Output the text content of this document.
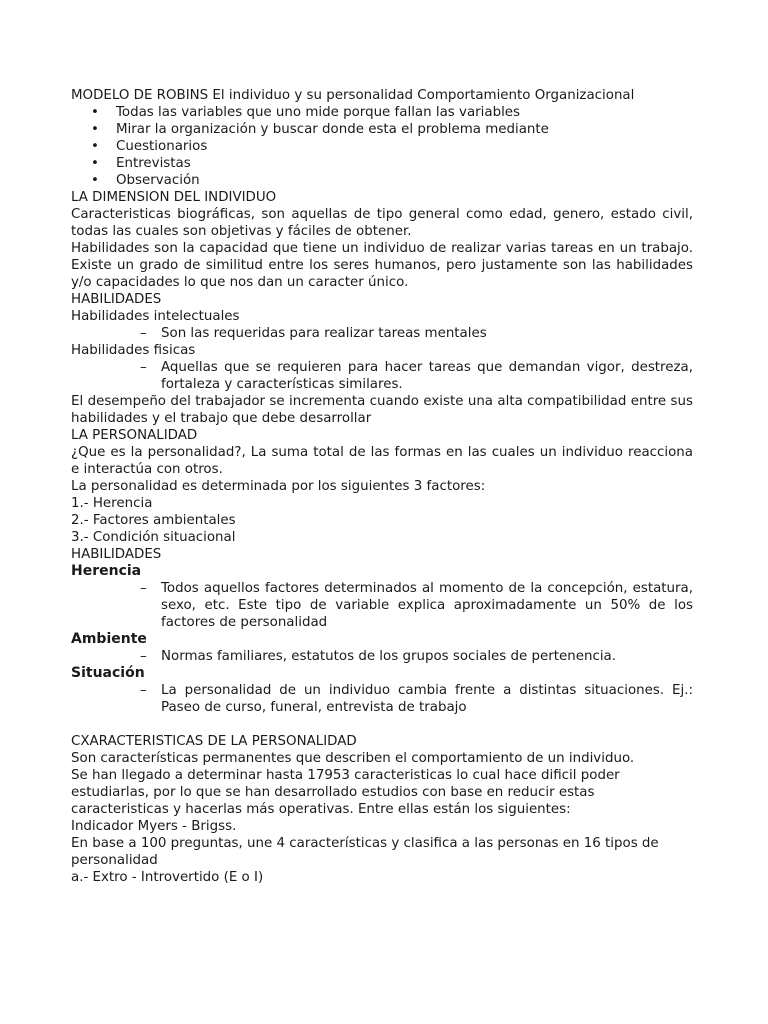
MODELO DE ROBINS El individuo y su personalidad Comportamiento Organizacional
• Todas las variables que uno mide porque fallan las variables
• Mirar la organización y buscar donde esta el problema mediante
• Cuestionarios
• Entrevistas
• Observación
LA DIMENSION DEL INDIVIDUO
Caracteristicas biográficas, son aquellas de tipo general como edad, genero, estado civil, todas las cuales son objetivas y fáciles de obtener.
Habilidades son la capacidad que tiene un individuo de realizar varias tareas en un trabajo. Existe un grado de similitud entre los seres humanos, pero justamente son las habilidades y/o capacidades lo que nos dan un caracter único.
HABILIDADES
Habilidades intelectuales
– Son las requeridas para realizar tareas mentales
Habilidades fisicas
– Aquellas que se requieren para hacer tareas que demandan vigor, destreza, fortaleza y características similares.
El desempeño del trabajador se incrementa cuando existe una alta compatibilidad entre sus habilidades y el trabajo que debe desarrollar
LA PERSONALIDAD
¿Que es la personalidad?, La suma total de las formas en las cuales un individuo reacciona e interactúa con otros.
La personalidad es determinada por los siguientes 3 factores:
1.- Herencia
2.- Factores ambientales
3.- Condición situacional
HABILIDADES
Herencia
– Todos aquellos factores determinados al momento de la concepción, estatura, sexo, etc. Este tipo de variable explica aproximadamente un 50% de los factores de personalidad
Ambiente
– Normas familiares, estatutos de los grupos sociales de pertenencia.
Situación
– La personalidad de un individuo cambia frente a distintas situaciones. Ej.: Paseo de curso, funeral, entrevista de trabajo
CXARACTERISTICAS DE LA PERSONALIDAD
Son características permanentes que describen el comportamiento de un individuo.
Se han llegado a determinar hasta 17953 caracteristicas lo cual hace dificil poder estudiarlas, por lo que se han desarrollado estudios con base en reducir estas caracteristicas y hacerlas más operativas. Entre ellas están los siguientes:
Indicador Myers - Brigss.
En base a 100 preguntas, une 4 características y clasifica a las personas en 16 tipos de personalidad
a.- Extro - Introvertido (E o I)
